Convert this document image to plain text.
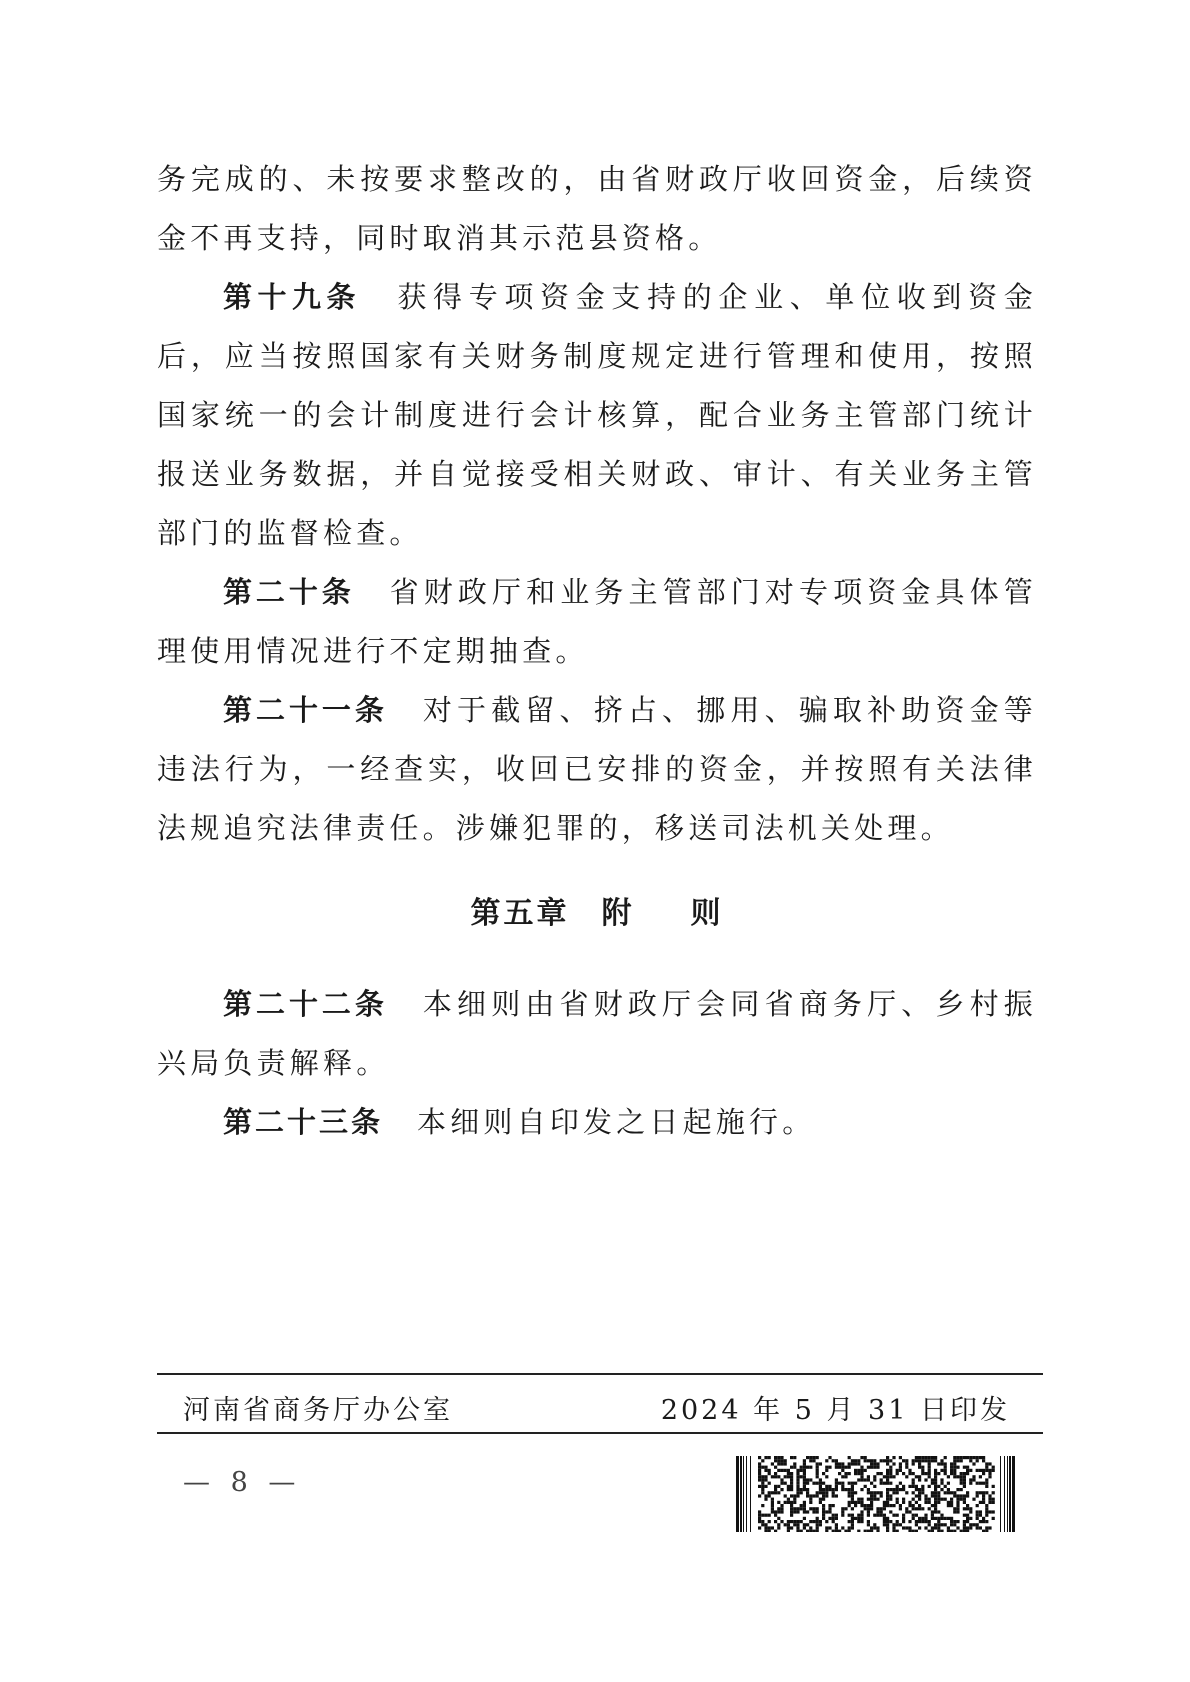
务完成的、未按要求整改的，由省财政厅收回资金，后续资金不再支持，同时取消其示范县资格。

第十九条 获得专项资金支持的企业、单位收到资金后，应当按照国家有关财务制度规定进行管理和使用，按照国家统一的会计制度进行会计核算，配合业务主管部门统计报送业务数据，并自觉接受相关财政、审计、有关业务主管部门的监督检查。

第二十条 省财政厅和业务主管部门对专项资金具体管理使用情况进行不定期抽查。

第二十一条 对于截留、挤占、挪用、骗取补助资金等违法行为，一经查实，收回已安排的资金，并按照有关法律法规追究法律责任。涉嫌犯罪的，移送司法机关处理。

第五章 附 则

第二十二条 本细则由省财政厅会同省商务厅、乡村振兴局负责解释。

第二十三条 本细则自印发之日起施行。

河南省商务厅办公室	2024 年 5 月 31 日印发
— 8 —
